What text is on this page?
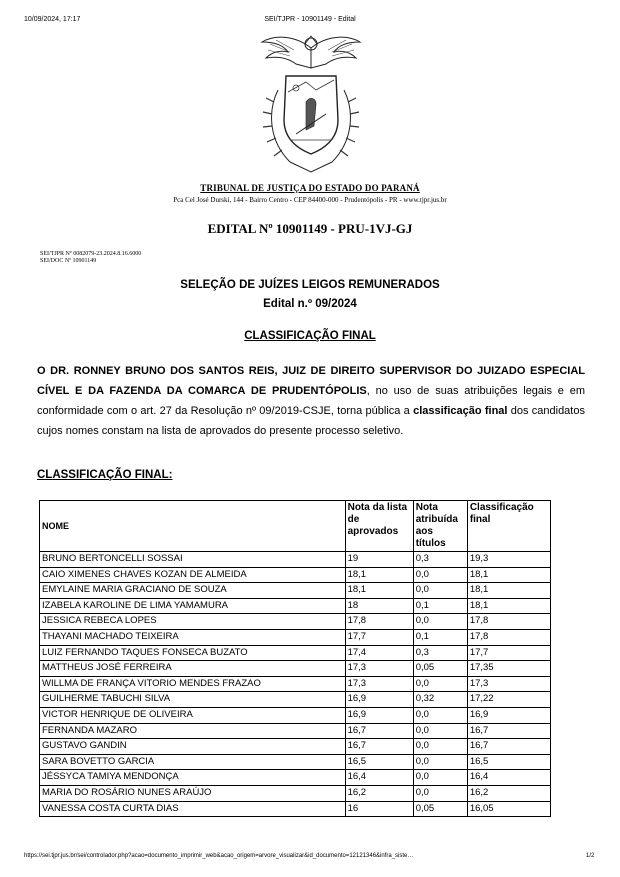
10/09/2024, 17:17	SEI/TJPR - 10901149 - Edital
TRIBUNAL DE JUSTIÇA DO ESTADO DO PARANÁ
Pca Cel José Durski, 144 - Bairro Centro - CEP 84400-000 - Prudentópolis - PR - www.tjpr.jus.br
EDITAL Nº 10901149 - PRU-1VJ-GJ
SEI/TJPR Nº 0082079-23.2024.8.16.6000
SEI/DOC Nº 10901149
SELEÇÃO DE JUÍZES LEIGOS REMUNERADOS
Edital n.º 09/2024
CLASSIFICAÇÃO FINAL
O DR. RONNEY BRUNO DOS SANTOS REIS, JUIZ DE DIREITO SUPERVISOR DO JUIZADO ESPECIAL CÍVEL E DA FAZENDA DA COMARCA DE PRUDENTÓPOLIS, no uso de suas atribuições legais e em conformidade com o art. 27 da Resolução nº 09/2019-CSJE, torna pública a classificação final dos candidatos cujos nomes constam na lista de aprovados do presente processo seletivo.
CLASSIFICAÇÃO FINAL:
NOME	Nota da lista de aprovados	Nota atribuída aos títulos	Classificação final
BRUNO BERTONCELLI SOSSAI	19	0,3	19,3
CAIO XIMENES CHAVES KOZAN DE ALMEIDA	18,1	0,0	18,1
EMYLAINE MARIA GRACIANO DE SOUZA	18,1	0,0	18,1
IZABELA KAROLINE DE LIMA YAMAMURA	18	0,1	18,1
JESSICA REBECA LOPES	17,8	0,0	17,8
THAYANI MACHADO TEIXEIRA	17,7	0,1	17,8
LUIZ FERNANDO TAQUES FONSECA BUZATO	17,4	0,3	17,7
MATTHEUS JOSÉ FERREIRA	17,3	0,05	17,35
WILLMA DE FRANÇA VITORIO MENDES FRAZAO	17,3	0,0	17,3
GUILHERME TABUCHI SILVA	16,9	0,32	17,22
VICTOR HENRIQUE DE OLIVEIRA	16,9	0,0	16,9
FERNANDA MAZARO	16,7	0,0	16,7
GUSTAVO GANDIN	16,7	0,0	16,7
SARA BOVETTO GARCIA	16,5	0,0	16,5
JÉSSYCA TAMIYA MENDONÇA	16,4	0,0	16,4
MARIA DO ROSÁRIO NUNES ARAÚJO	16,2	0,0	16,2
VANESSA COSTA CURTA DIAS	16	0,05	16,05
https://sei.tjpr.jus.br/sei/controlador.php?acao=documento_imprimir_web&acao_origem=arvore_visualizar&id_documento=12121346&infra_siste…	1/2
